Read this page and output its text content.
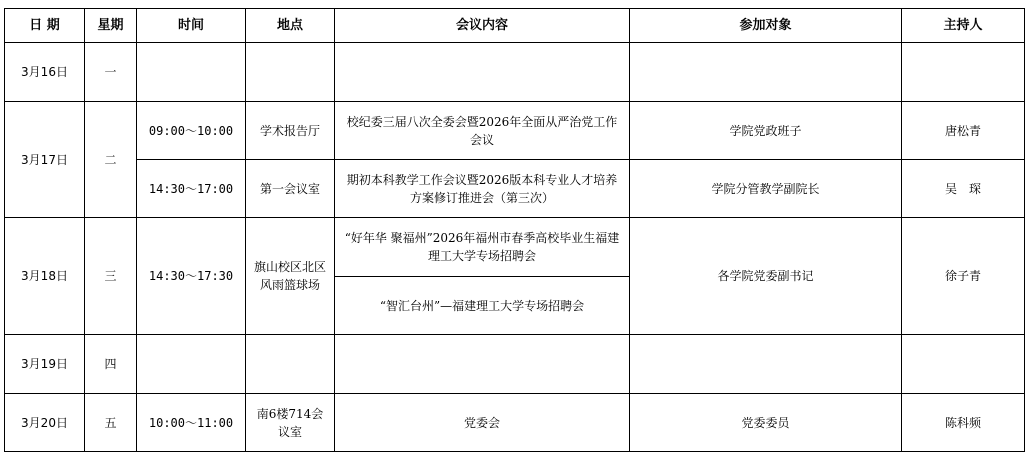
日 期	星期	时间	地点	会议内容	参加对象	主持人
3月16日	一					
3月17日	二	09:00～10:00	学术报告厅	校纪委三届八次全委会暨2026年全面从严治党工作会议	学院党政班子	唐松青
		14:30～17:00	第一会议室	期初本科教学工作会议暨2026版本科专业人才培养方案修订推进会（第三次）	学院分管教学副院长	吴　琛
3月18日	三	14:30～17:30	旗山校区北区风雨篮球场	“好年华 聚福州”2026年福州市春季高校毕业生福建理工大学专场招聘会	各学院党委副书记	徐子青
				“智汇台州”—福建理工大学专场招聘会		
3月19日	四					
3月20日	五	10:00～11:00	南6楼714会议室	党委会	党委委员	陈科频
